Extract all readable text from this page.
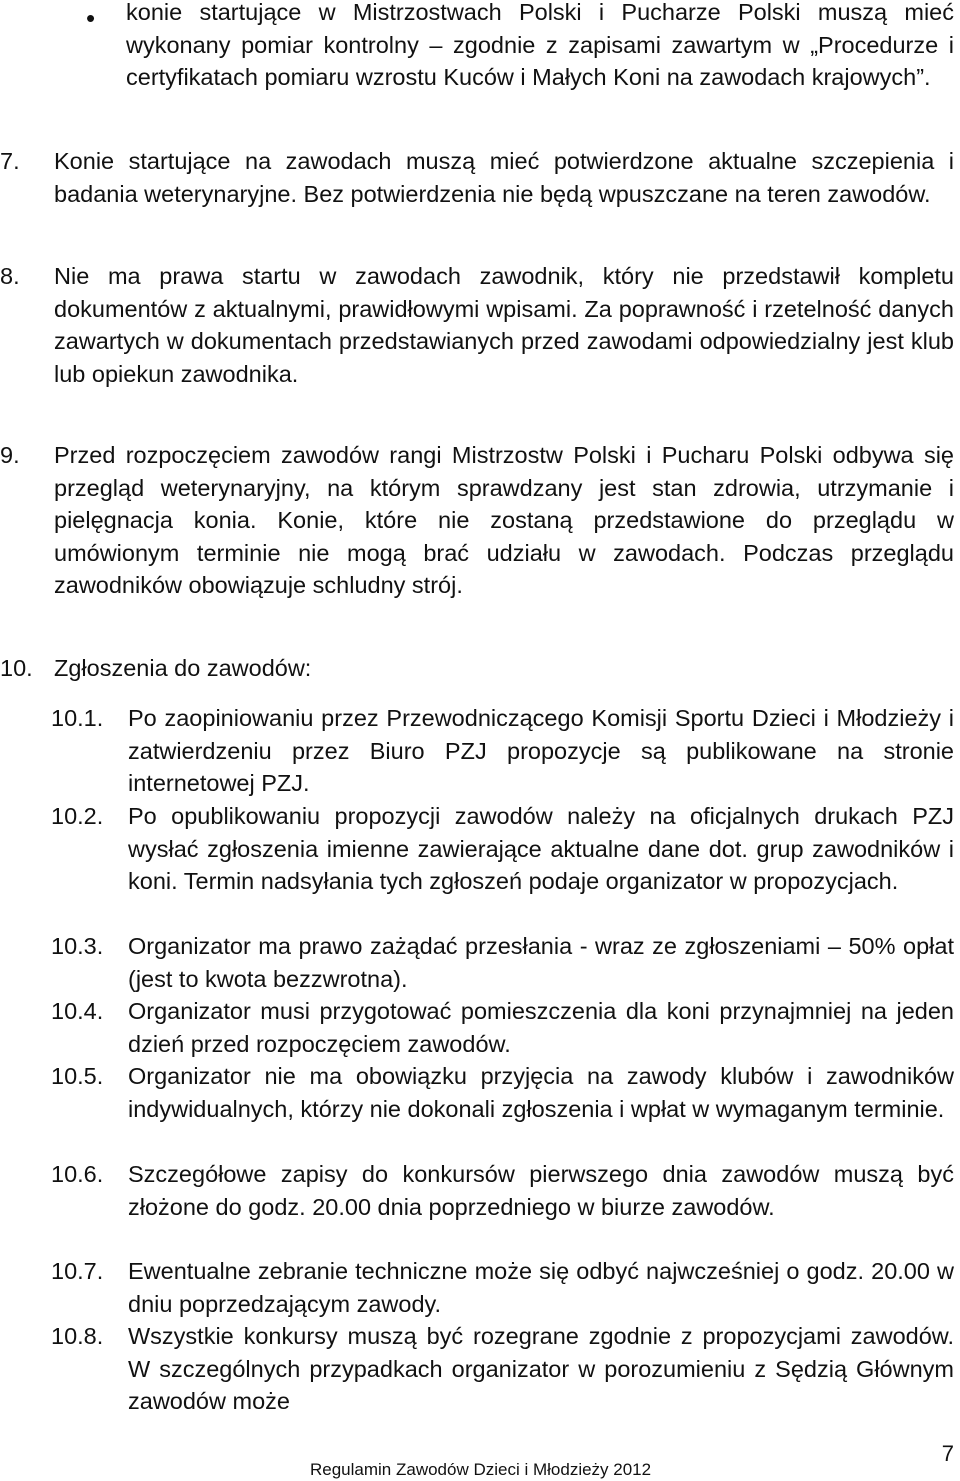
• konie startujące w Mistrzostwach Polski i Pucharze Polski muszą mieć wykonany pomiar kontrolny – zgodnie z zapisami zawartym w „Procedurze i certyfikatach pomiaru wzrostu Kuców i Małych Koni na zawodach krajowych”.

7.	Konie startujące na zawodach muszą mieć potwierdzone aktualne szczepienia i badania weterynaryjne. Bez potwierdzenia nie będą wpuszczane na teren zawodów.

8.	Nie ma prawa startu w zawodach zawodnik, który nie przedstawił kompletu dokumentów z aktualnymi, prawidłowymi wpisami. Za poprawność i rzetelność danych zawartych w dokumentach przedstawianych przed zawodami odpowiedzialny jest klub lub opiekun zawodnika.

9.	Przed rozpoczęciem zawodów rangi Mistrzostw Polski i Pucharu Polski odbywa się przegląd weterynaryjny, na którym sprawdzany jest stan zdrowia, utrzymanie i pielęgnacja konia. Konie, które nie zostaną przedstawione do przeglądu w umówionym terminie nie mogą brać udziału w zawodach. Podczas przeglądu zawodników obowiązuje schludny strój.

10. Zgłoszenia do zawodów:

10.1.	Po zaopiniowaniu przez Przewodniczącego Komisji Sportu Dzieci i Młodzieży i zatwierdzeniu przez Biuro PZJ propozycje są publikowane na stronie internetowej PZJ.

10.2.	Po opublikowaniu propozycji zawodów należy na oficjalnych drukach PZJ wysłać zgłoszenia imienne zawierające aktualne dane dot. grup zawodników i koni. Termin nadsyłania tych zgłoszeń podaje organizator w propozycjach.

10.3.	Organizator ma prawo zażądać przesłania - wraz ze zgłoszeniami – 50% opłat (jest to kwota bezzwrotna).

10.4.	Organizator musi przygotować pomieszczenia dla koni przynajmniej na jeden dzień przed rozpoczęciem zawodów.

10.5.	Organizator nie ma obowiązku przyjęcia na zawody klubów i zawodników indywidualnych, którzy nie dokonali zgłoszenia i wpłat w wymaganym terminie.

10.6.	Szczegółowe zapisy do konkursów pierwszego dnia zawodów muszą być złożone do godz. 20.00 dnia poprzedniego w biurze zawodów.

10.7.	Ewentualne zebranie techniczne może się odbyć najwcześniej o godz. 20.00 w dniu poprzedzającym zawody.

10.8.	Wszystkie konkursy muszą być rozegrane zgodnie z propozycjami zawodów. W szczególnych przypadkach organizator w porozumieniu z Sędzią Głównym zawodów może

Regulamin Zawodów Dzieci i Młodzieży 2012
7
